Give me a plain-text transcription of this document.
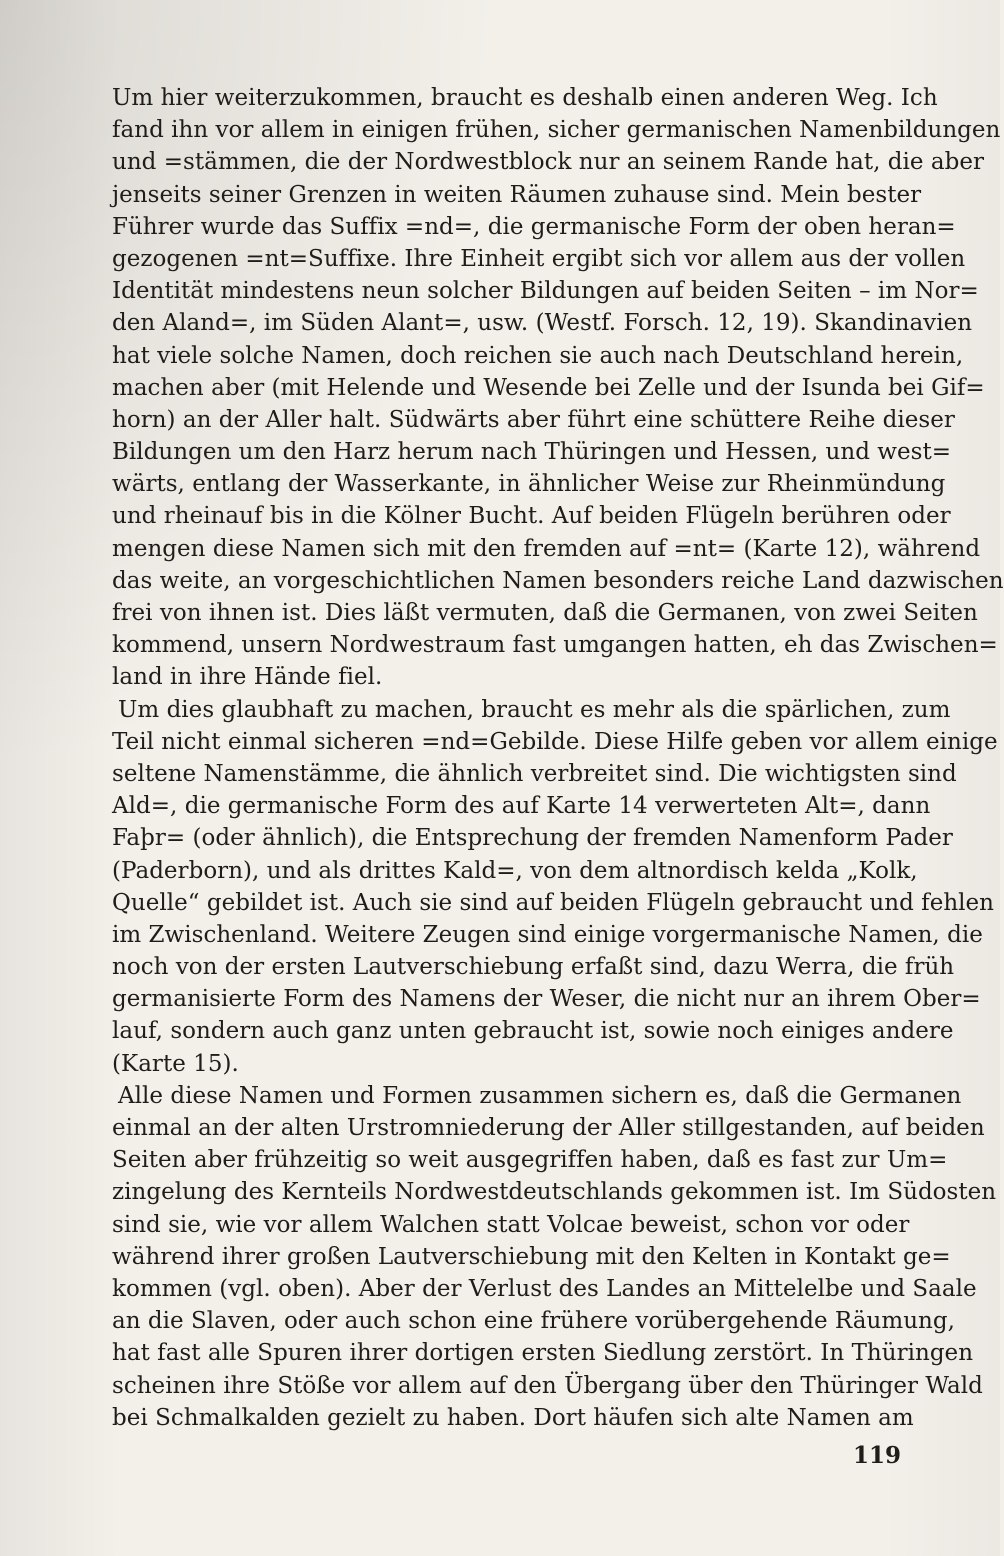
Um hier weiterzukommen, braucht es deshalb einen anderen Weg. Ich
fand ihn vor allem in einigen frühen, sicher germanischen Namenbildungen
und =stämmen, die der Nordwestblock nur an seinem Rande hat, die aber
jenseits seiner Grenzen in weiten Räumen zuhause sind. Mein bester
Führer wurde das Suffix =nd=, die germanische Form der oben heran=
gezogenen =nt=Suffixe. Ihre Einheit ergibt sich vor allem aus der vollen
Identität mindestens neun solcher Bildungen auf beiden Seiten – im Nor=
den Aland=, im Süden Alant=, usw. (Westf. Forsch. 12, 19). Skandinavien
hat viele solche Namen, doch reichen sie auch nach Deutschland herein,
machen aber (mit Helende und Wesende bei Zelle und der Isunda bei Gif=
horn) an der Aller halt. Südwärts aber führt eine schüttere Reihe dieser
Bildungen um den Harz herum nach Thüringen und Hessen, und west=
wärts, entlang der Wasserkante, in ähnlicher Weise zur Rheinmündung
und rheinauf bis in die Kölner Bucht. Auf beiden Flügeln berühren oder
mengen diese Namen sich mit den fremden auf =nt= (Karte 12), während
das weite, an vorgeschichtlichen Namen besonders reiche Land dazwischen
frei von ihnen ist. Dies läßt vermuten, daß die Germanen, von zwei Seiten
kommend, unsern Nordwestraum fast umgangen hatten, eh das Zwischen=
land in ihre Hände fiel.
Um dies glaubhaft zu machen, braucht es mehr als die spärlichen, zum
Teil nicht einmal sicheren =nd=Gebilde. Diese Hilfe geben vor allem einige
seltene Namenstämme, die ähnlich verbreitet sind. Die wichtigsten sind
Ald=, die germanische Form des auf Karte 14 verwerteten Alt=, dann
Faþr= (oder ähnlich), die Entsprechung der fremden Namenform Pader
(Paderborn), und als drittes Kald=, von dem altnordisch kelda „Kolk,
Quelle“ gebildet ist. Auch sie sind auf beiden Flügeln gebraucht und fehlen
im Zwischenland. Weitere Zeugen sind einige vorgermanische Namen, die
noch von der ersten Lautverschiebung erfaßt sind, dazu Werra, die früh
germanisierte Form des Namens der Weser, die nicht nur an ihrem Ober=
lauf, sondern auch ganz unten gebraucht ist, sowie noch einiges andere
(Karte 15).
Alle diese Namen und Formen zusammen sichern es, daß die Germanen
einmal an der alten Urstromniederung der Aller stillgestanden, auf beiden
Seiten aber frühzeitig so weit ausgegriffen haben, daß es fast zur Um=
zingelung des Kernteils Nordwestdeutschlands gekommen ist. Im Südosten
sind sie, wie vor allem Walchen statt Volcae beweist, schon vor oder
während ihrer großen Lautverschiebung mit den Kelten in Kontakt ge=
kommen (vgl. oben). Aber der Verlust des Landes an Mittelelbe und Saale
an die Slaven, oder auch schon eine frühere vorübergehende Räumung,
hat fast alle Spuren ihrer dortigen ersten Siedlung zerstört. In Thüringen
scheinen ihre Stöße vor allem auf den Übergang über den Thüringer Wald
bei Schmalkalden gezielt zu haben. Dort häufen sich alte Namen am
119
